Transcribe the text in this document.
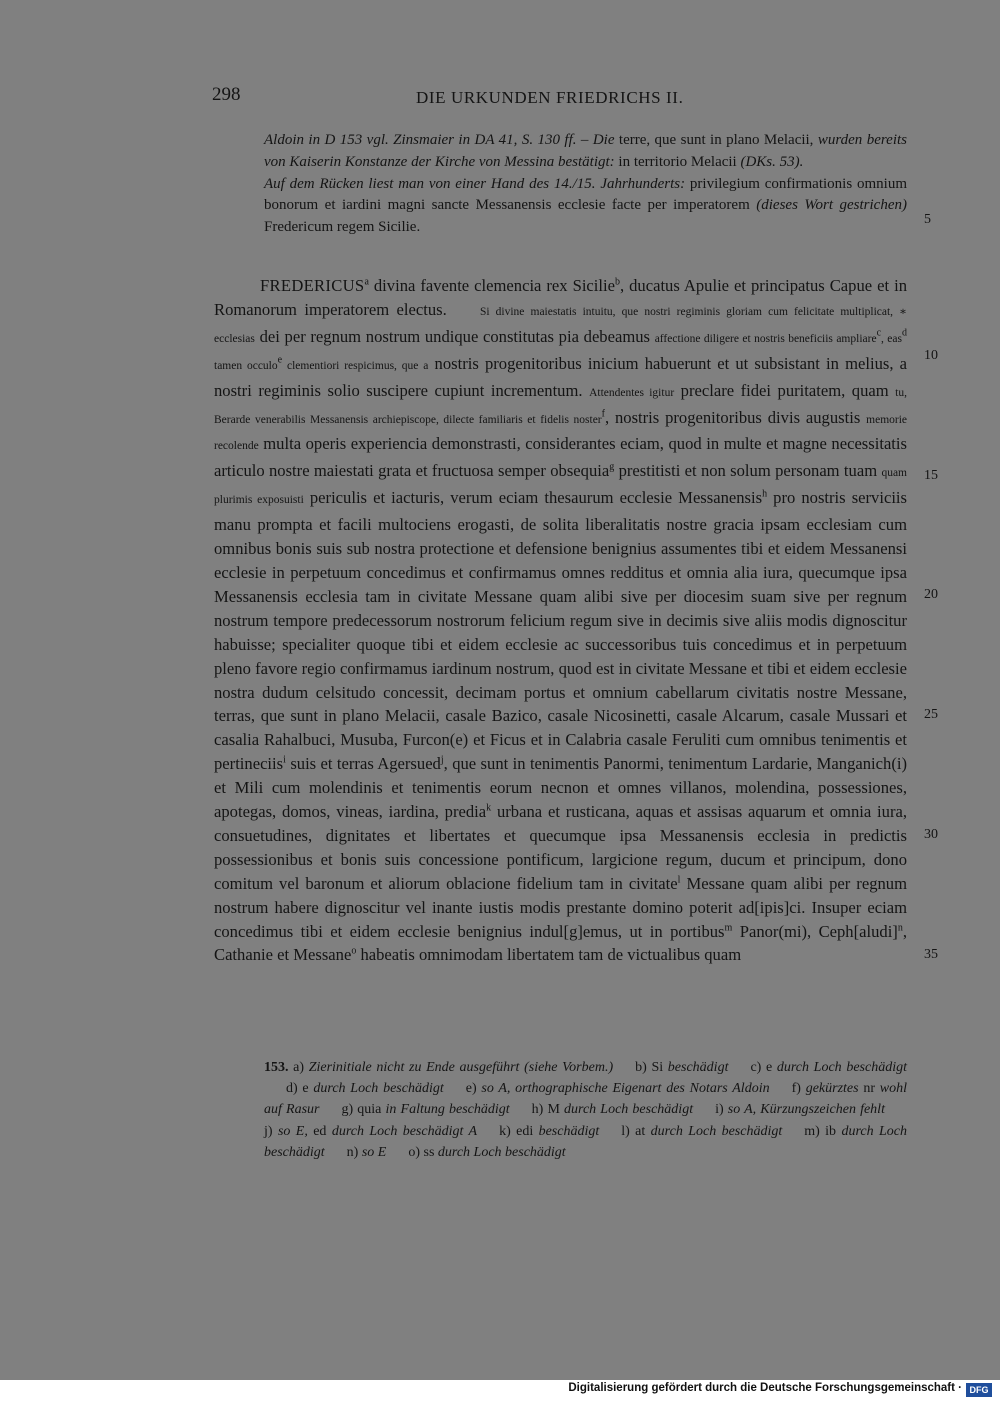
298	DIE URKUNDEN FRIEDRICHS II.

Aldoin in D 153 vgl. Zinsmaier in DA 41, S. 130 ff. – Die terre, que sunt in plano Melacii, wurden bereits von Kaiserin Konstanze der Kirche von Messina bestätigt: in territorio Melacii (DKs. 53).

Auf dem Rücken liest man von einer Hand des 14./15. Jahrhunderts: privilegium confirmationis omnium bonorum et iardini magni sancte Messanensis ecclesie facte per imperatorem (dieses Wort gestrichen) Fredericum regem Sicilie.

FREDERICUS$^a$ divina favente clemencia rex Sicilie$^b$, ducatus Apulie et principatus Capue et in Romanorum imperatorem electus.  	Si divine maiestatis intuitu, que nostri regiminis gloriam cum felicitate multiplicat, ∗ ecclesias dei per regnum nostrum undique constitutas pia debeamus affectione diligere et nostris beneficiis ampliare$^c$, eas$^d$ tamen occulo$^e$ clementiori respicimus, que a nostris progenitoribus inicium habuerunt et ut subsistant in melius, a nostri regiminis solio suscipere cupiunt incrementum. Attendentes igitur preclare fidei puritatem, quam tu, Berarde venerabilis Messanensis archiepiscope, dilecte familiaris et fidelis noster$^f$, nostris progenitoribus divis augustis memorie recolende multa operis experiencia demonstrasti, considerantes eciam, quod in multe et magne necessitatis articulo nostre maiestati grata et fructuosa semper obsequia$^g$ prestitisti et non solum personam tuam quam plurimis exposuisti periculis et iacturis, verum eciam thesaurum ecclesie Messanensis$^h$ pro nostris serviciis manu prompta et facili multociens erogasti, de solita liberalitatis nostre gracia ipsam ecclesiam cum omnibus bonis suis sub nostra protectione et defensione benignius assumentes tibi et eidem Messanensi ecclesie in perpetuum concedimus et confirmamus omnes redditus et omnia alia iura, quecumque ipsa Messanensis ecclesia tam in civitate Messane quam alibi sive per diocesim suam sive per regnum nostrum tempore predecessorum nostrorum felicium regum sive in decimis sive aliis modis dignoscitur habuisse; specialiter quoque tibi et eidem ecclesie ac successoribus tuis concedimus et in perpetuum pleno favore regio confirmamus iardinum nostrum, quod est in civitate Messane et tibi et eidem ecclesie nostra dudum celsitudo concessit, decimam portus et omnium cabellarum civitatis nostre Messane, terras, que sunt in plano Melacii, casale Bazico, casale Nicosinetti, casale Alcarum, casale Mussari et casalia Rahalbuci, Musuba, Furcon(e) et Ficus et in Calabria casale Feruliti cum omnibus tenimentis et pertineciis$^i$ suis et terras Agersued$^j$, que sunt in tenimentis Panormi, tenimentum Lardarie, Manganich(i) et Mili cum molendinis et tenimentis eorum necnon et omnes villanos, molendina, possessiones, apotegas, domos, vineas, iardina, predia$^k$ urbana et rusticana, aquas et assisas aquarum et omnia iura, consuetudines, dignitates et libertates et quecumque ipsa Messanensis ecclesia in predictis possessionibus et bonis suis concessione pontificum, largicione regum, ducum et principum, dono comitum vel baronum et aliorum oblacione fidelium tam in civitate$^l$ Messane quam alibi per regnum nostrum habere dignoscitur vel inante iustis modis prestante domino poterit ad[ipis]ci. Insuper eciam concedimus tibi et eidem ecclesie benignius indul[g]emus, ut in portibus$^m$ Panor(mi), Ceph[aludi]$^n$, Cathanie et Messane$^o$ habeatis omnimodam libertatem tam de victualibus quam

5
10
15
20
25
30
35

153. a) Zierinitiale nicht zu Ende ausgeführt (siehe Vorbem.) b) Si beschädigt c) e durch Loch beschädigtd) e durch Loch beschädigt e) so A, orthographische Eigenart des Notars Aldoin f) gekürztes nr wohl auf Rasur g) quia in Faltung beschädigt h) M durch Loch beschädigt i) so A, Kürzungszeichen fehltj) so E, ed durch Loch beschädigt A k) edi beschädigt l) at durch Loch beschädigt m) ib durch Loch beschädigt n) so E o) ss durch Loch beschädigt

Digitalisierung gefördert durch die Deutsche Forschungsgemeinschaft · DFG
